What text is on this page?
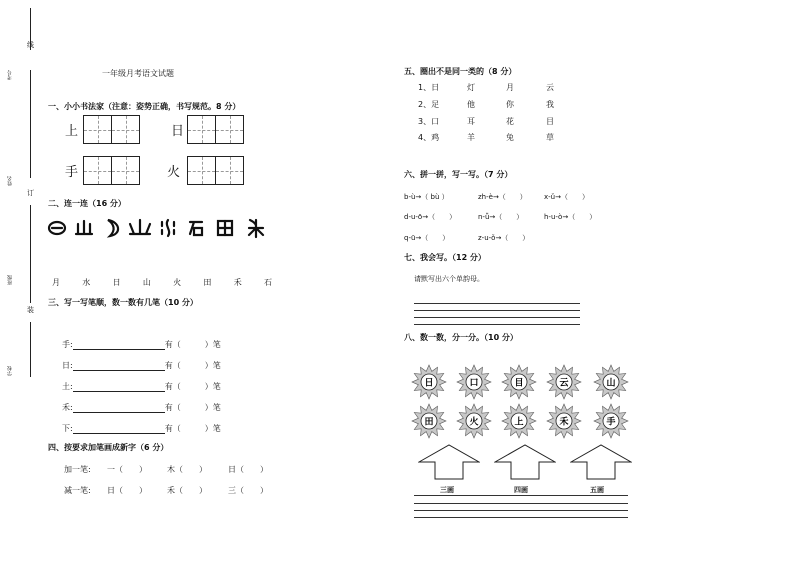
线
订
装
考号
姓名
班级
学校
一年级月考语文试题
一、小小书法家（注意：姿势正确，书写规范。8 分）
上	日
手	火
二、连一连（16 分）
月	水	日	山	火	田	禾	石
三、写一写笔顺，数一数有几笔（10 分）
手:	有（	）笔
日:	有（	）笔
土:	有（	）笔
禾:	有（	）笔
下:	有（	）笔
四、按要求加笔画成新字（6 分）
加一笔: 一（　　）	木（　　）	日（　　）
减一笔: 日（　　）	禾（　　）	三（　　）
五、圈出不是同一类的（8 分）
1、日	灯	月	云
2、足	他	你	我
3、口	耳	花	目
4、鸡	羊	兔	草
六、拼一拼，写一写。（7 分）
b-ù→（ bù ）	zh-è→（　　） x-ǔ→（　　）
d-u-ō→（　　）	n-ǚ→（　　）	h-u-ò→（　　）
q-ū→（　　）	z-u-ǒ→（　　）
七、我会写。（12 分）
请默写出六个单韵母。
八、数一数，分一分。（10 分）
日	口	目	云	山
田	火	上	禾	手
三画	四画	五画
